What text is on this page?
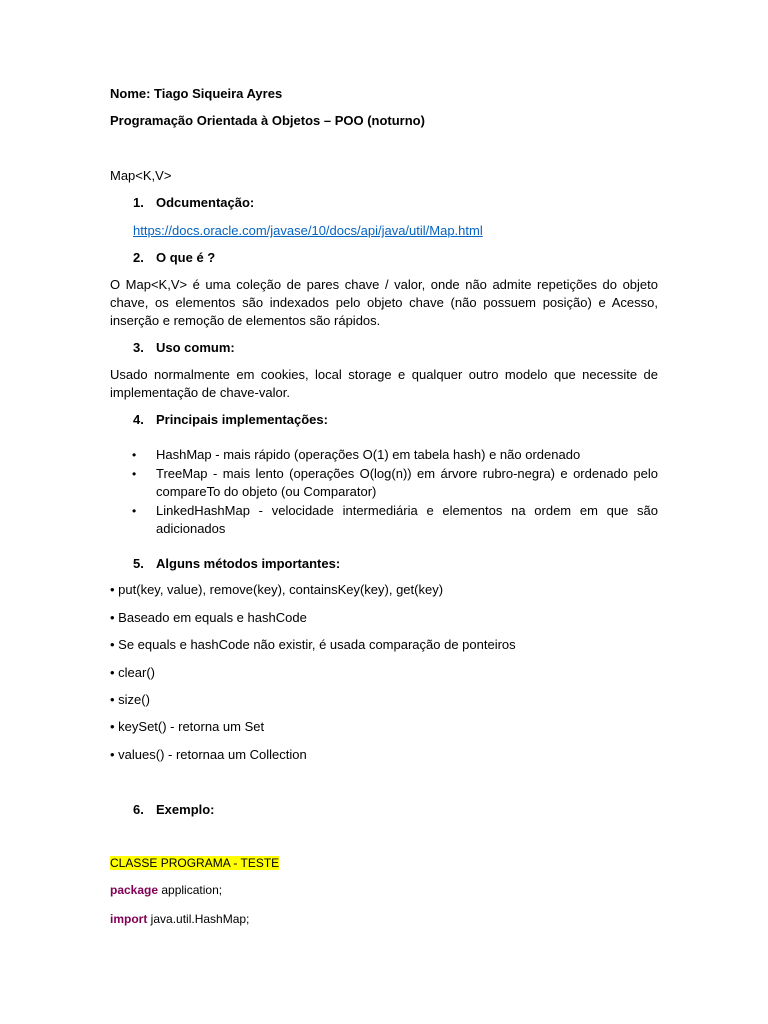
Nome: Tiago Siqueira Ayres
Programação Orientada à Objetos – POO (noturno)
Map<K,V>
1. Odcumentação:
https://docs.oracle.com/javase/10/docs/api/java/util/Map.html
2. O que é ?

O Map<K,V> é uma coleção de pares chave / valor, onde não admite repetições do objeto chave, os elementos são indexados pelo objeto chave (não possuem posição) e Acesso, inserção e remoção de elementos são rápidos.

3. Uso comum:

Usado normalmente em cookies, local storage e qualquer outro modelo que necessite de implementação de chave-valor.

4. Principais implementações:
• HashMap - mais rápido (operações O(1) em tabela hash) e não ordenado
• TreeMap - mais lento (operações O(log(n)) em árvore rubro-negra) e ordenado pelo compareTo do objeto (ou Comparator)
• LinkedHashMap - velocidade intermediária e elementos na ordem em que são adicionados
5. Alguns métodos importantes:
• put(key, value), remove(key), containsKey(key), get(key)
• Baseado em equals e hashCode
• Se equals e hashCode não existir, é usada comparação de ponteiros
• clear()
• size()
• keySet() - retorna um Set
• values() - retornaa um Collection
6. Exemplo:
CLASSE PROGRAMA - TESTE
package application;
import java.util.HashMap;
